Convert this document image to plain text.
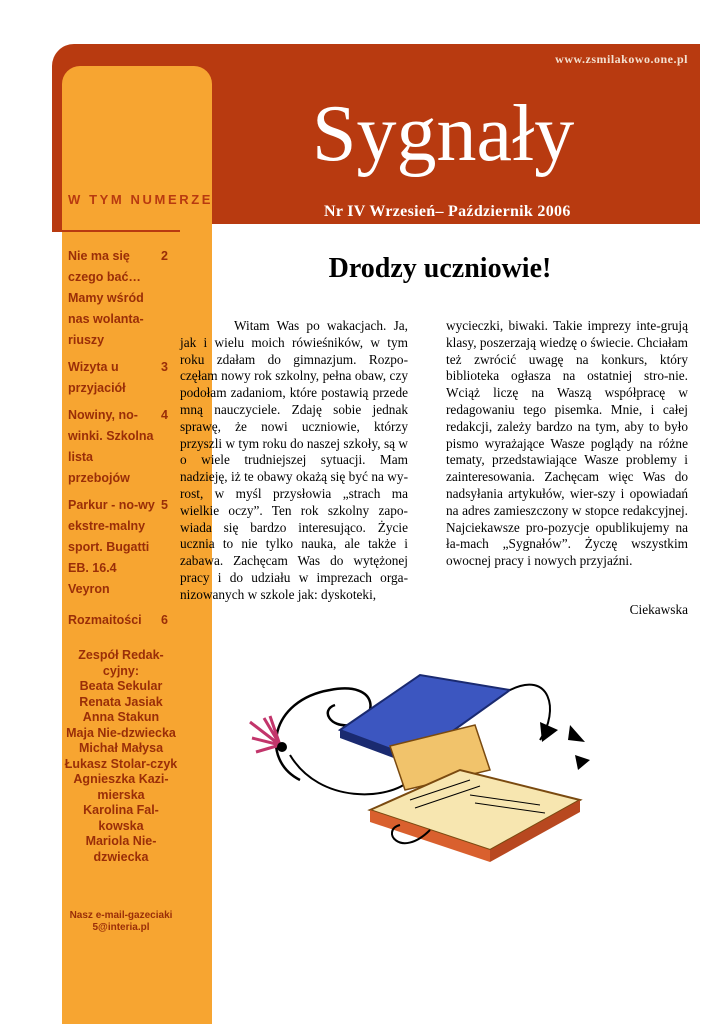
www.zsmilakowo.one.pl
Sygnały
Nr IV Wrzesień– Październik 2006
W TYM NUMERZE:
Nie ma się czego bać… Mamy wśród nas wolanta-riuszy
2
Wizyta u przyjaciół
3
Nowiny, no-winki. Szkolna lista przebojów
4
Parkur - no-wy ekstre-malny sport. Bugatti EB. 16.4 Veyron
5
Rozmaitości	6
Zespół Redak-cyjny:
Beata Sekular
Renata Jasiak
Anna Stakun
Maja Nie-dzwiecka
Michał Małysa
Łukasz Stolar-czyk
Agnieszka Kazi-mierska
Karolina Fal-kowska
Mariola Nie-dzwiecka
Nasz e-mail-gazeciaki 5@interia.pl
Drodzy uczniowie!
Witam Was po wakacjach. Ja, jak i wielu moich rówieśników, w tym roku zdałam do gimnazjum. Rozpo-częłam nowy rok szkolny, pełna obaw, czy podołam zadaniom, które postawią przede mną nauczyciele. Zdaję sobie jednak sprawę, że nowi uczniowie, którzy przyszli w tym roku do naszej szkoły, są w o wiele trudniejszej sytuacji. Mam nadzieję, iż te obawy okażą się być na wy-rost, w myśl przysłowia „strach ma wielkie oczy”. Ten rok szkolny zapo-wiada się bardzo interesująco. Życie ucznia to nie tylko nauka, ale także i zabawa. Zachęcam Was do wytężonej pracy i do udziału w imprezach orga-nizowanych w szkole jak: dyskoteki,
wycieczki, biwaki. Takie imprezy inte-grują klasy, poszerzają wiedzę o świecie. Chciałam też zwrócić uwagę na konkurs, który biblioteka ogłasza na ostatniej stro-nie. Wciąż liczę na Waszą współpracę w redagowaniu tego pisemka. Mnie, i całej redakcji, zależy bardzo na tym, aby to było pismo wyrażające Wasze poglądy na różne tematy, przedstawiające Wasze problemy i zainteresowania. Zachęcam więc Was do nadsyłania artykułów, wier-szy i opowiadań na adres zamieszczony w stopce redakcyjnej. Najciekawsze pro-pozycje opublikujemy na ła-mach „Sygnałów”. Życzę wszystkim owocnej pracy i nowych przyjaźni.
Ciekawska
